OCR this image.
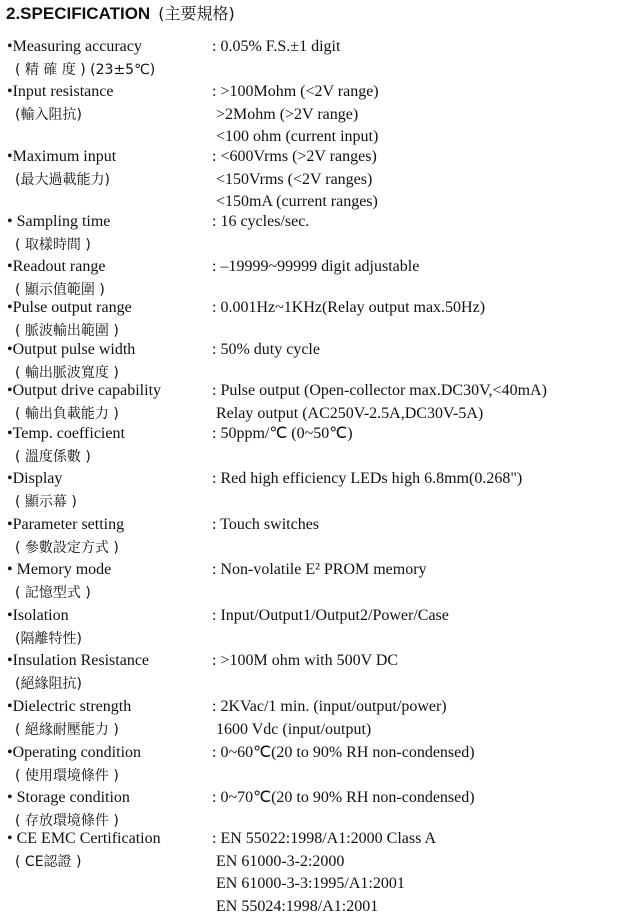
2.SPECIFICATION (主要規格)
•Measuring accuracy
( 精 確 度 ) (23±5℃)
: 0.05% F.S.±1 digit
•Input resistance
(輸入阻抗)
: >100Mohm (<2V range)
>2Mohm (>2V range)
<100 ohm (current input)
•Maximum input
(最大過載能力)
: <600Vrms (>2V ranges)
<150Vrms (<2V ranges)
<150mA (current ranges)
• Sampling time
( 取樣時間 )
: 16 cycles/sec.
•Readout range
( 顯示值範圍 )
: –19999~99999 digit adjustable
•Pulse output range
( 脈波輸出範圍 )
: 0.001Hz~1KHz(Relay output max.50Hz)
•Output pulse width
( 輸出脈波寬度 )
: 50% duty cycle
•Output drive capability
( 輸出負載能力 )
: Pulse output (Open-collector max.DC30V,<40mA)
Relay output (AC250V-2.5A,DC30V-5A)
•Temp. coefficient
( 溫度係數 )
: 50ppm/℃ (0~50℃)
•Display
( 顯示幕 )
: Red high efficiency LEDs high 6.8mm(0.268")
•Parameter setting
( 參數設定方式 )
: Touch switches
• Memory mode
( 記憶型式 )
: Non-volatile E² PROM memory
•Isolation
(隔離特性)
: Input/Output1/Output2/Power/Case
•Insulation Resistance
(絕緣阻抗)
: >100M ohm with 500V DC
•Dielectric strength
( 絕緣耐壓能力 )
: 2KVac/1 min. (input/output/power)
1600 Vdc (input/output)
•Operating condition
( 使用環境條件 )
: 0~60℃(20 to 90% RH non-condensed)
• Storage condition
( 存放環境條件 )
: 0~70℃(20 to 90% RH non-condensed)
• CE EMC Certification
( CE認證 )
: EN 55022:1998/A1:2000 Class A
EN 61000-3-2:2000
EN 61000-3-3:1995/A1:2001
EN 55024:1998/A1:2001
